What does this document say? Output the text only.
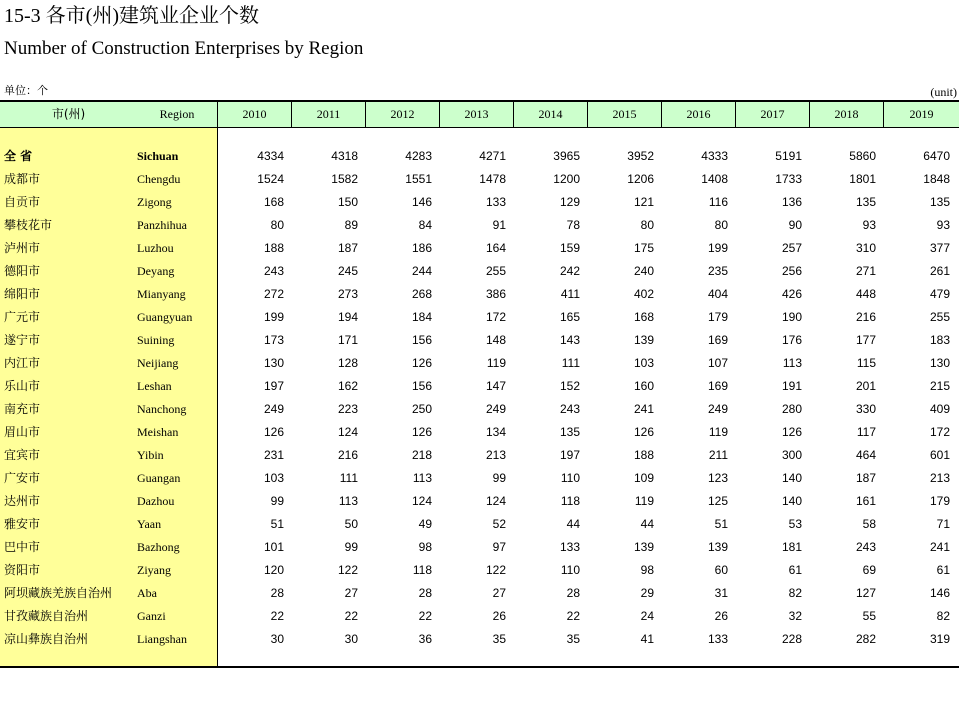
15-3 各市(州)建筑业企业个数
Number of Construction Enterprises by Region
单位：个	(unit)
市(州)	Region	2010	2011	2012	2013	2014	2015	2016	2017	2018	2019
全 省	Sichuan	4334	4318	4283	4271	3965	3952	4333	5191	5860	6470
成都市	Chengdu	1524	1582	1551	1478	1200	1206	1408	1733	1801	1848
自贡市	Zigong	168	150	146	133	129	121	116	136	135	135
攀枝花市	Panzhihua	80	89	84	91	78	80	80	90	93	93
泸州市	Luzhou	188	187	186	164	159	175	199	257	310	377
德阳市	Deyang	243	245	244	255	242	240	235	256	271	261
绵阳市	Mianyang	272	273	268	386	411	402	404	426	448	479
广元市	Guangyuan	199	194	184	172	165	168	179	190	216	255
遂宁市	Suining	173	171	156	148	143	139	169	176	177	183
内江市	Neijiang	130	128	126	119	111	103	107	113	115	130
乐山市	Leshan	197	162	156	147	152	160	169	191	201	215
南充市	Nanchong	249	223	250	249	243	241	249	280	330	409
眉山市	Meishan	126	124	126	134	135	126	119	126	117	172
宜宾市	Yibin	231	216	218	213	197	188	211	300	464	601
广安市	Guangan	103	111	113	99	110	109	123	140	187	213
达州市	Dazhou	99	113	124	124	118	119	125	140	161	179
雅安市	Yaan	51	50	49	52	44	44	51	53	58	71
巴中市	Bazhong	101	99	98	97	133	139	139	181	243	241
资阳市	Ziyang	120	122	118	122	110	98	60	61	69	61
阿坝藏族羌族自治州 Aba	28	27	28	27	28	29	31	82	127	146
甘孜藏族自治州	Ganzi	22	22	22	26	22	24	26	32	55	82
凉山彝族自治州	Liangshan	30	30	36	35	35	41	133	228	282	319
